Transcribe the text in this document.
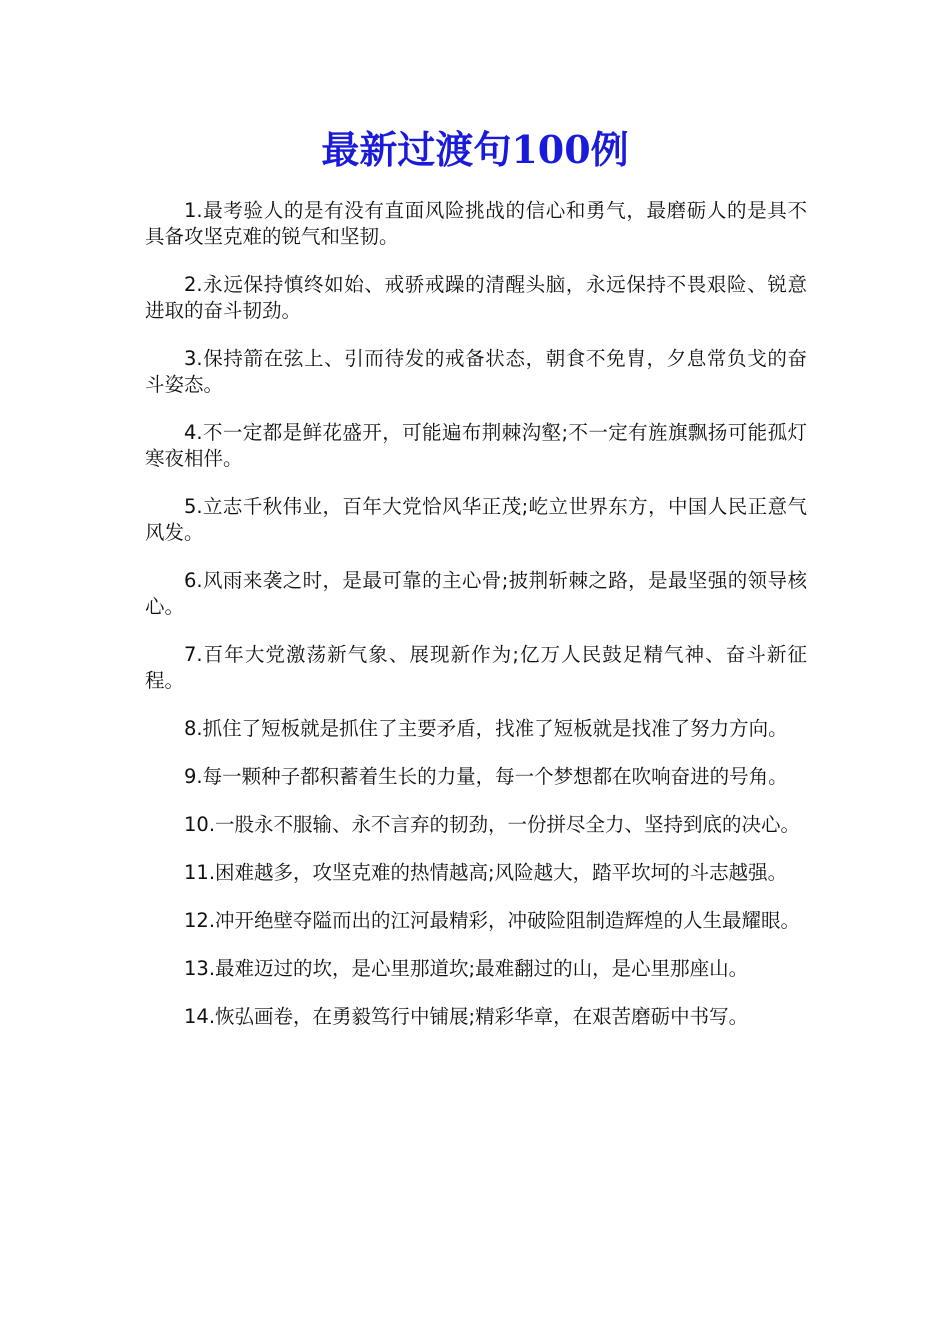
最新过渡句100例

1.最考验人的是有没有直面风险挑战的信心和勇气，最磨砺人的是具不具备攻坚克难的锐气和坚韧。

2.永远保持慎终如始、戒骄戒躁的清醒头脑，永远保持不畏艰险、锐意进取的奋斗韧劲。

3.保持箭在弦上、引而待发的戒备状态，朝食不免胄，夕息常负戈的奋斗姿态。

4.不一定都是鲜花盛开，可能遍布荆棘沟壑;不一定有旌旗飘扬可能孤灯寒夜相伴。

5.立志千秋伟业，百年大党恰风华正茂;屹立世界东方，中国人民正意气风发。

6.风雨来袭之时，是最可靠的主心骨;披荆斩棘之路，是最坚强的领导核心。

7.百年大党激荡新气象、展现新作为;亿万人民鼓足精气神、奋斗新征程。

8.抓住了短板就是抓住了主要矛盾，找准了短板就是找准了努力方向。

9.每一颗种子都积蓄着生长的力量，每一个梦想都在吹响奋进的号角。

10.一股永不服输、永不言弃的韧劲，一份拼尽全力、坚持到底的决心。

11.困难越多，攻坚克难的热情越高;风险越大，踏平坎坷的斗志越强。

12.冲开绝壁夺隘而出的江河最精彩，冲破险阻制造辉煌的人生最耀眼。

13.最难迈过的坎，是心里那道坎;最难翻过的山，是心里那座山。

14.恢弘画卷，在勇毅笃行中铺展;精彩华章，在艰苦磨砺中书写。
